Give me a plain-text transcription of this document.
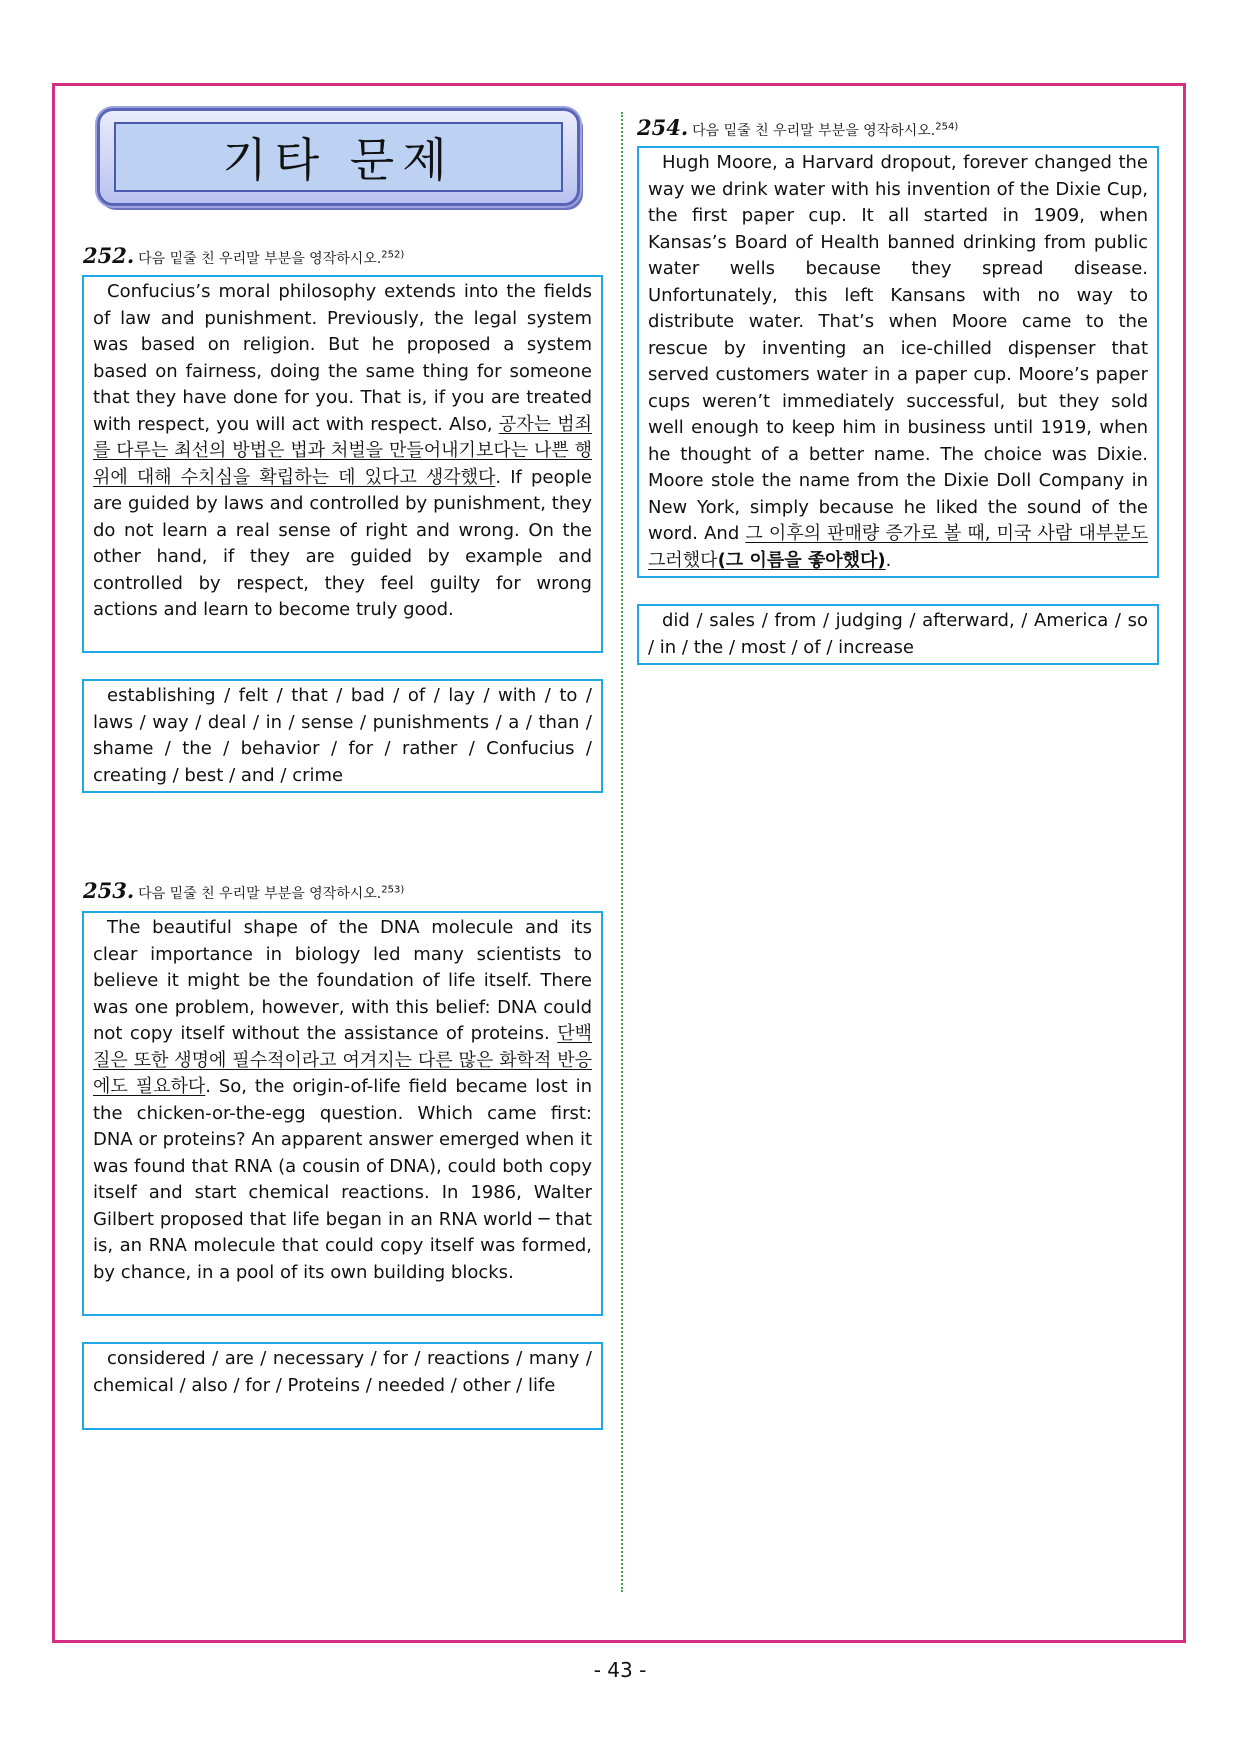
기타 문제
252. 다음 밑줄 친 우리말 부분을 영작하시오.$^{252)}$

Confucius’s moral philosophy extends into the fields of law and punishment. Previously, the legal system was based on religion. But he proposed a system based on fairness, doing the same thing for someone that they have done for you. That is, if you are treated with respect, you will act with respect. Also, 공자는 범죄를 다루는 최선의 방법은 법과 처벌을 만들어내기보다는 나쁜 행위에 대해 수치심을 확립하는 데 있다고 생각했다. If people are guided by laws and controlled by punishment, they do not learn a real sense of right and wrong. On the other hand, if they are guided by example and controlled by respect, they feel guilty for wrong actions and learn to become truly good.

establishing / felt / that / bad / of / lay / with / to / laws / way / deal / in / sense / punishments / a / than / shame / the / behavior / for / rather / Confucius / creating / best / and / crime

253. 다음 밑줄 친 우리말 부분을 영작하시오.$^{253)}$

The beautiful shape of the DNA molecule and its clear importance in biology led many scientists to believe it might be the foundation of life itself. There was one problem, however, with this belief: DNA could not copy itself without the assistance of proteins. 단백질은 또한 생명에 필수적이라고 여겨지는 다른 많은 화학적 반응에도 필요하다. So, the origin-of-life field became lost in the chicken-or-the-egg question. Which came first: DNA or proteins? An apparent answer emerged when it was found that RNA (a cousin of DNA), could both copy itself and start chemical reactions. In 1986, Walter Gilbert proposed that life began in an RNA world ─ that is, an RNA molecule that could copy itself was formed, by chance, in a pool of its own building blocks.

considered / are / necessary / for / reactions / many / chemical / also / for / Proteins / needed / other / life

254. 다음 밑줄 친 우리말 부분을 영작하시오.$^{254)}$

Hugh Moore, a Harvard dropout, forever changed the way we drink water with his invention of the Dixie Cup, the first paper cup. It all started in 1909, when Kansas’s Board of Health banned drinking from public water wells because they spread disease. Unfortunately, this left Kansans with no way to distribute water. That’s when Moore came to the rescue by inventing an ice-chilled dispenser that served customers water in a paper cup. Moore’s paper cups weren’t immediately successful, but they sold well enough to keep him in business until 1919, when he thought of a better name. The choice was Dixie. Moore stole the name from the Dixie Doll Company in New York, simply because he liked the sound of the word. And 그 이후의 판매량 증가로 볼 때, 미국 사람 대부분도 그러했다(그 이름을 좋아했다).

did / sales / from / judging / afterward, / America / so / in / the / most / of / increase

- 43 -
